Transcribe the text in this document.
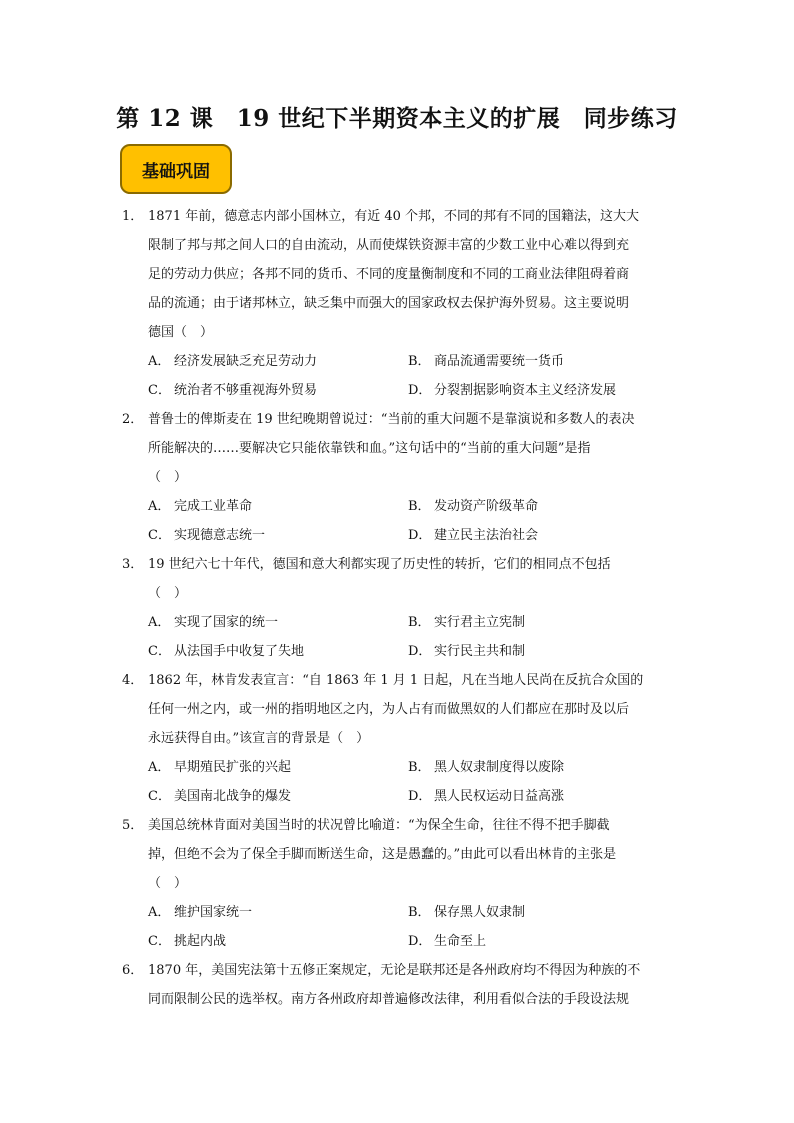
第 12 课　19 世纪下半期资本主义的扩展　同步练习
基础巩固
1． 1871 年前，德意志内部小国林立，有近 40 个邦，不同的邦有不同的国籍法，这大大
限制了邦与邦之间人口的自由流动，从而使煤铁资源丰富的少数工业中心难以得到充
足的劳动力供应；各邦不同的货币、不同的度量衡制度和不同的工商业法律阻碍着商
品的流通；由于诸邦林立，缺乏集中而强大的国家政权去保护海外贸易。这主要说明
德国（　）
A． 经济发展缺乏充足劳动力	B． 商品流通需要统一货币
C． 统治者不够重视海外贸易	D． 分裂割据影响资本主义经济发展
2． 普鲁士的俾斯麦在 19 世纪晚期曾说过：“当前的重大问题不是靠演说和多数人的表决
所能解决的……要解决它只能依靠铁和血。”这句话中的“当前的重大问题”是指
（　）
A． 完成工业革命	B． 发动资产阶级革命
C． 实现德意志统一	D． 建立民主法治社会
3． 19 世纪六七十年代，德国和意大利都实现了历史性的转折，它们的相同点不包括
（　）
A． 实现了国家的统一	B． 实行君主立宪制
C． 从法国手中收复了失地	D． 实行民主共和制
4． 1862 年，林肯发表宣言：“自 1863 年 1 月 1 日起，凡在当地人民尚在反抗合众国的
任何一州之内，或一州的指明地区之内，为人占有而做黑奴的人们都应在那时及以后
永远获得自由。”该宣言的背景是（　）
A． 早期殖民扩张的兴起	B． 黑人奴隶制度得以废除
C． 美国南北战争的爆发	D． 黑人民权运动日益高涨
5． 美国总统林肯面对美国当时的状况曾比喻道：“为保全生命，往往不得不把手脚截
掉，但绝不会为了保全手脚而断送生命，这是愚蠢的。”由此可以看出林肯的主张是
（　）
A． 维护国家统一	B． 保存黑人奴隶制
C． 挑起内战	D． 生命至上
6． 1870 年，美国宪法第十五修正案规定，无论是联邦还是各州政府均不得因为种族的不
同而限制公民的选举权。南方各州政府却普遍修改法律，利用看似合法的手段设法规
